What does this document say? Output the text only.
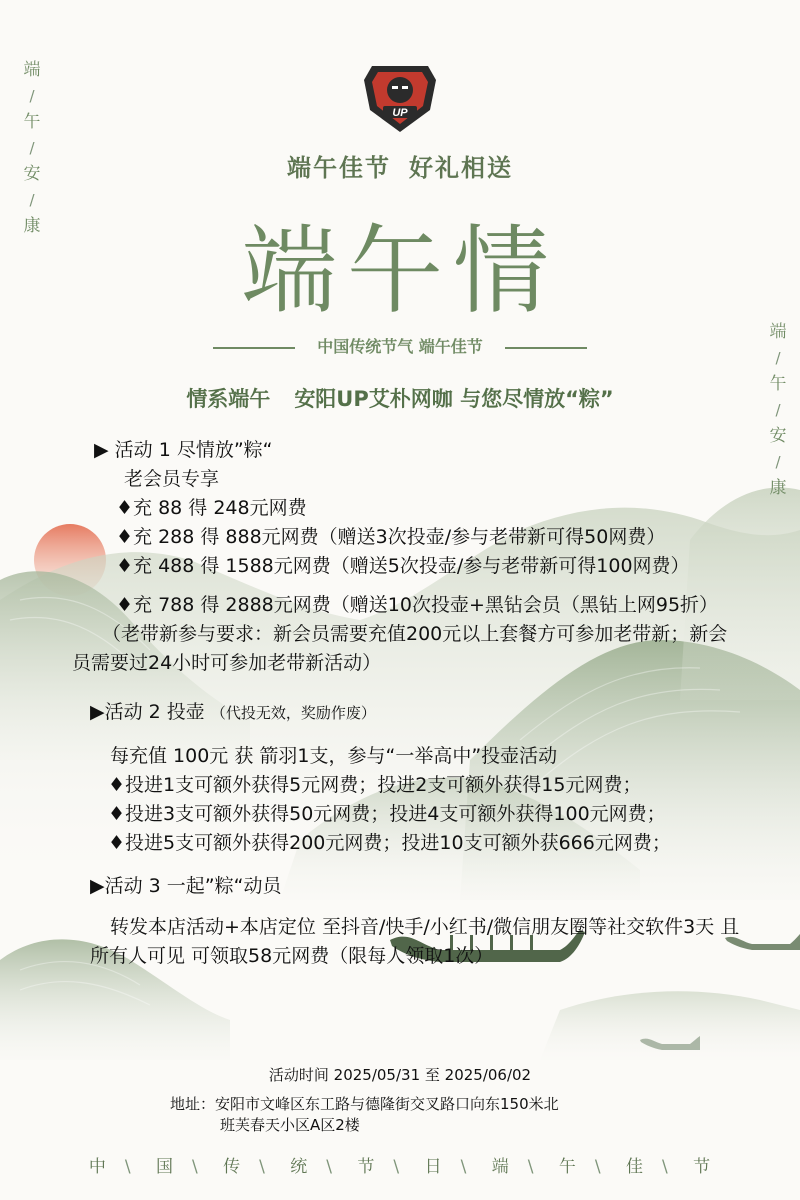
端
/
午
/
安
/
康
端
/
午
/
安
/
康
UP
端午佳节 好礼相送
端午情
中国传统节气 端午佳节
情系端午 安阳UP艾朴网咖 与您尽情放“粽”
▶ 活动 1 尽情放”粽“
老会员专享
♦充 88 得 248元网费
♦充 288 得 888元网费（赠送3次投壶/参与老带新可得50网费）
♦充 488 得 1588元网费（赠送5次投壶/参与老带新可得100网费）
♦充 788 得 2888元网费（赠送10次投壶+黑钻会员（黑钻上网95折）
（老带新参与要求：新会员需要充值200元以上套餐方可参加老带新；新会员需要过24小时可参加老带新活动）
▶活动 2 投壶 （代投无效，奖励作废）
每充值 100元 获 箭羽1支，参与“一举高中”投壶活动
♦投进1支可额外获得5元网费；投进2支可额外获得15元网费；
♦投进3支可额外获得50元网费；投进4支可额外获得100元网费；
♦投进5支可额外获得200元网费；投进10支可额外获666元网费；
▶活动 3 一起”粽“动员
转发本店活动+本店定位 至抖音/快手/小红书/微信朋友圈等社交软件3天 且所有人可见 可领取58元网费（限每人领取1次）
活动时间 2025/05/31 至 2025/06/02
地址：安阳市文峰区东工路与德隆街交叉路口向东150米北
班芙春天小区A区2楼
中 \ 国 \ 传 \ 统 \ 节 \ 日 \ 端 \ 午 \ 佳 \ 节
